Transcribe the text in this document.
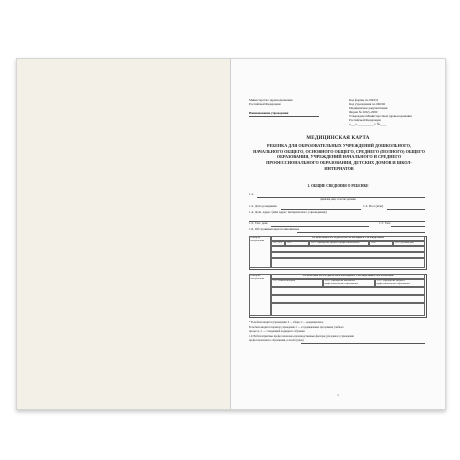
Министерство здравоохранения
Российской Федерации
Наименование учреждения
Код формы по ОКУД
Код учреждения по ОКПО
Медицинская документация
Форма № 026/у-2000
Утверждена Министерством здравоохранения
Российской Федерации
«___» __________ г. №____
МЕДИЦИНСКАЯ КАРТА
РЕБЕНКА ДЛЯ ОБРАЗОВАТЕЛЬНЫХ УЧРЕЖДЕНИЙ ДОШКОЛЬНОГО, НАЧАЛЬНОГО ОБЩЕГО, ОСНОВНОГО ОБЩЕГО, СРЕДНЕГО (ПОЛНОГО) ОБЩЕГО ОБРАЗОВАНИЯ, УЧРЕЖДЕНИЙ НАЧАЛЬНОГО И СРЕДНЕГО ПРОФЕССИОНАЛЬНОГО ОБРАЗОВАНИЯ, ДЕТСКИХ ДОМОВ И ШКОЛ-ИНТЕРНАТОВ
1. ОБЩИЕ СВЕДЕНИЯ О РЕБЕНКЕ
1.1.
фамилия, имя, отчество ребенка
1.2. Дата рождения	1.3. Пол (м/ж)
1.4. Дом. адрес (или адрес интернатного учреждения)
1.5. Тел. дом.	1.7. Тел.
1.6. Обслуживающая поликлиника
Номер по поступлению
1.8. КОНТИНГЕНТ И ДИСПАНСЕРИЗАЦИЯ В УЧРЕЖДЕНИЯХ
1.8.1. Д/У	1.8.2.	1.8.3. Учреждения среднего профессионального образования
1.8.4.	1.8.5. Детский дом
Номер по поступлению
1.9. КОНТИНГЕНТ И ДИСПАНСЕРИЗАЦИЯ В УЧРЕЖДЕНИЯХ ОБРАЗОВАНИЯ
1.9.1. Школа-интернат	1.9.2. Учреждения начального профессионального образования
1.9.3. Учреждения среднего профессионального образования
* В скобках вводится учреждения: 0 — общее; 2 — коррекционное.
В скобках вводится характер учреждения: 1 — в традиционных программах учебного
процесса, 2 — с тенденцией подрядного обучения.
1.9. Неблагоприятные профессионально-производственные факторы (для данного учреждения
профессионального образования, в своей группе)
1
